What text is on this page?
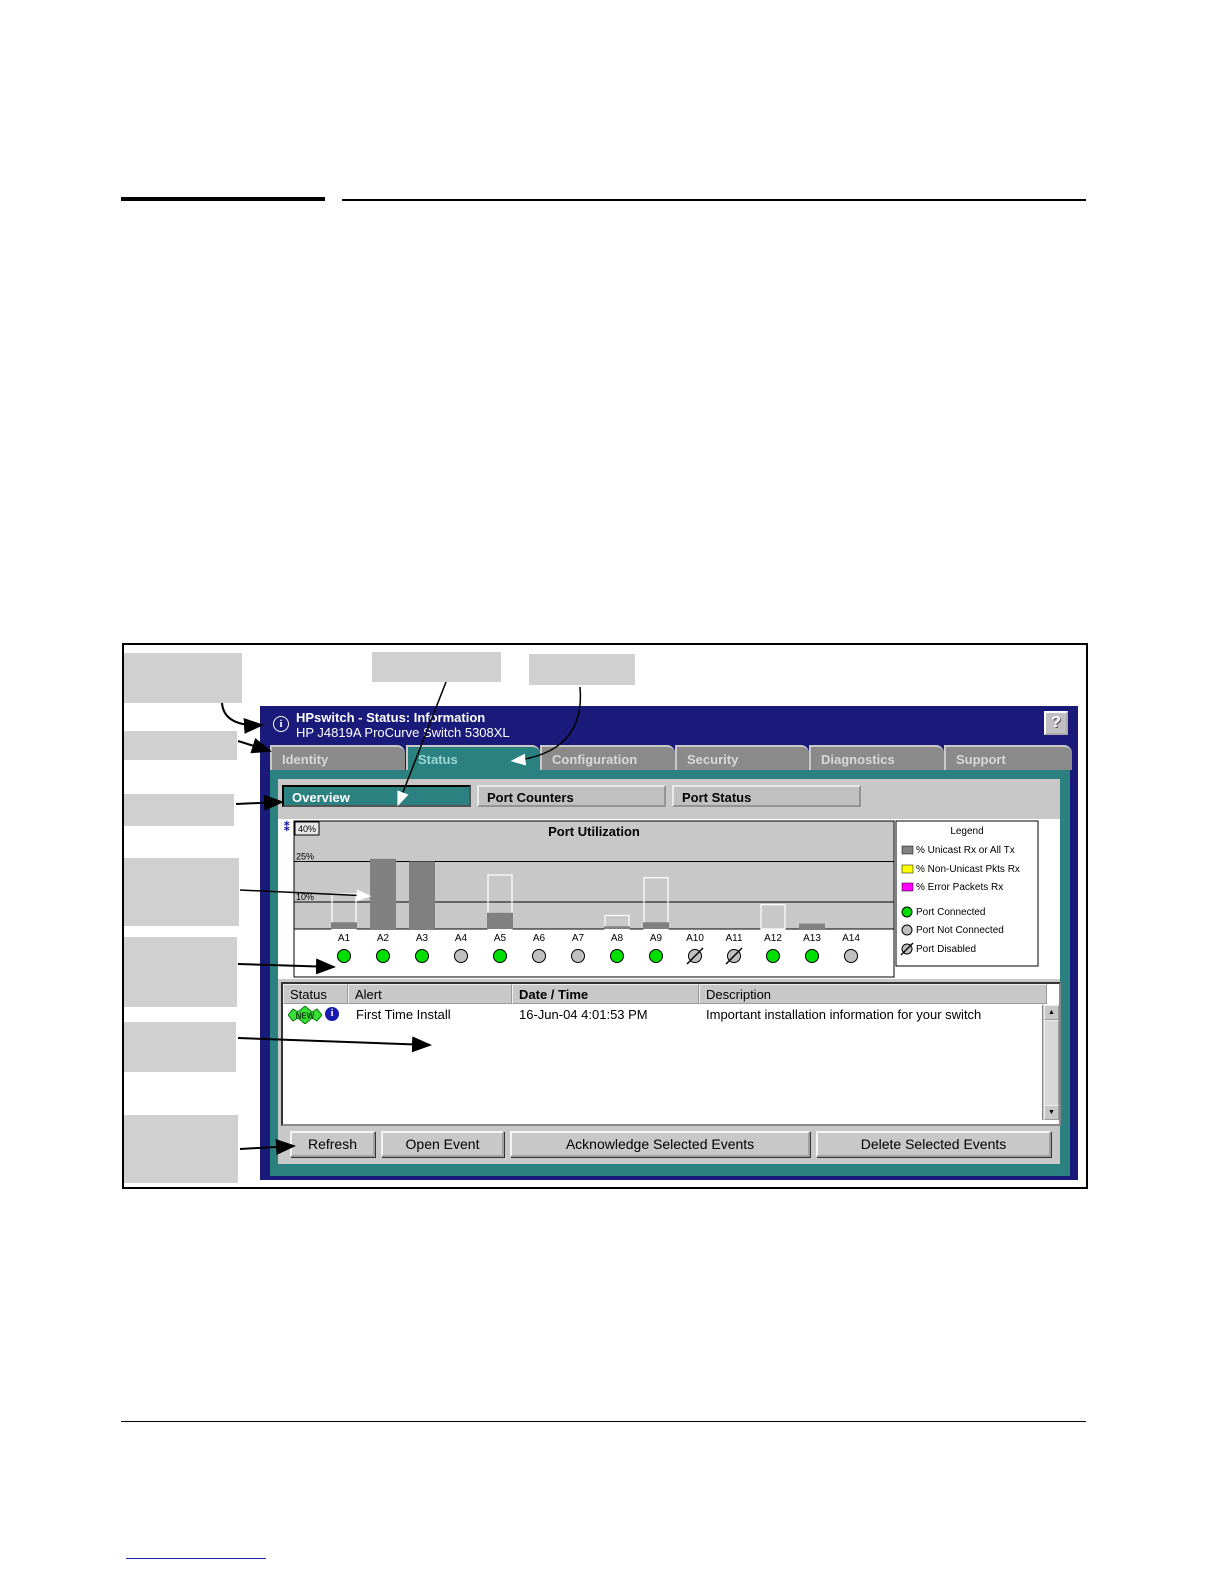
i	HPswitch - Status: Information
HP J4819A ProCurve Switch 5308XL
?
Identity	Status	Configuration	Security	Diagnostics	Support
Overview	Port Counters	Port Status
⁑ 40%	Port Utilization
25%
10%
A1	A2	A3	A4	A5	A6	A7	A8	A9 A10 A11 A12 A13 A14
Legend
% Unicast Rx or All Tx
% Non-Unicast Pkts Rx
% Error Packets Rx
Port Connected
Port Not Connected
Port Disabled
Status	Alert	Date / Time	Description
NEW	i	First Time Install	16-Jun-04 4:01:53 PM	Important installation information for your switch	▲
▼
Refresh	Open Event	Acknowledge Selected Events	Delete Selected Events
